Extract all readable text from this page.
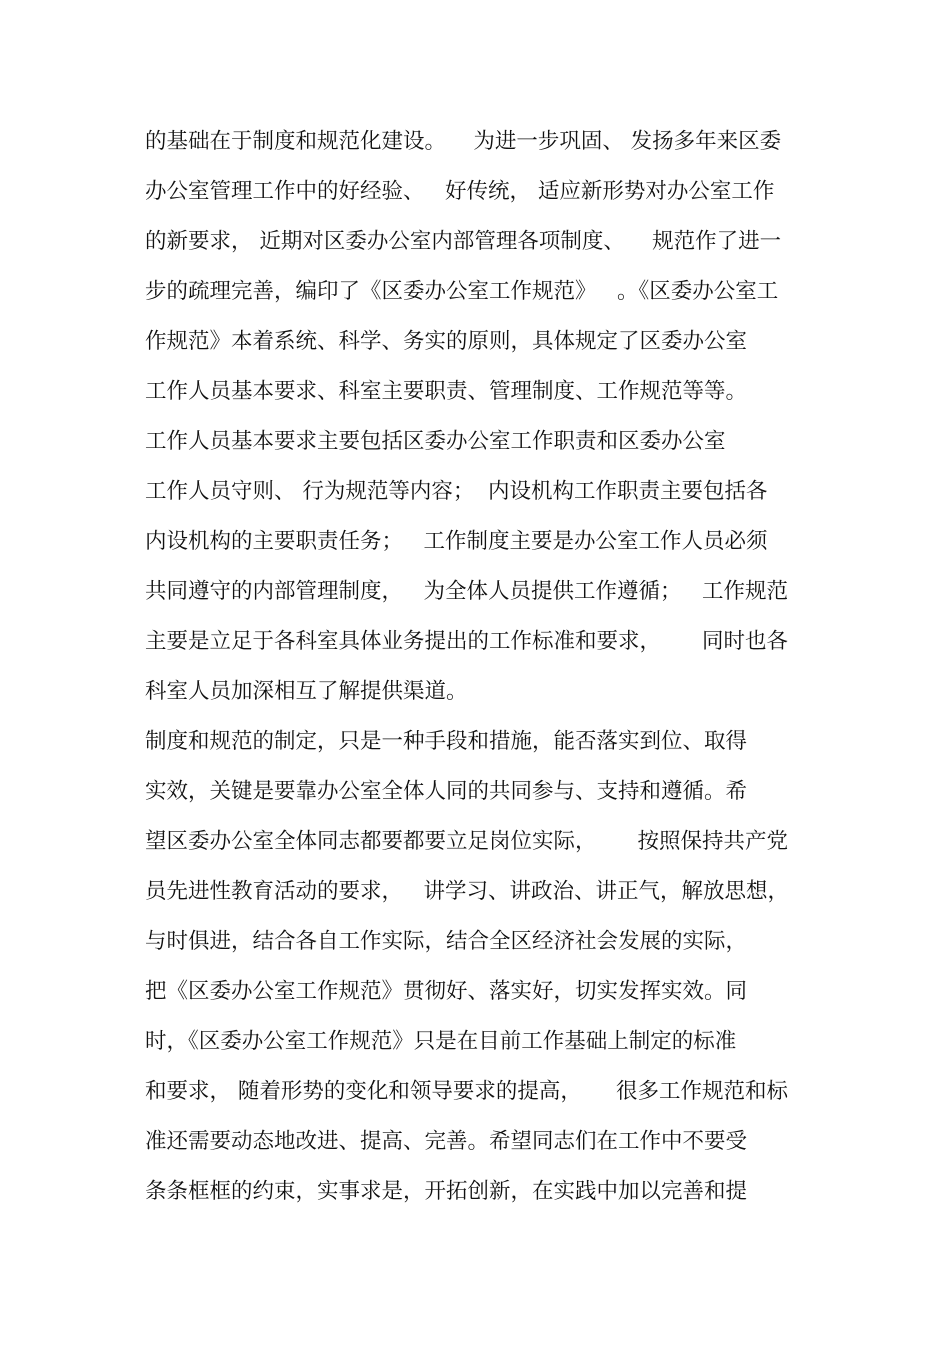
的基础在于制度和规范化建设。    为进一步巩固、 发扬多年来区委
办公室管理工作中的好经验、   好传统， 适应新形势对办公室工作
的新要求， 近期对区委办公室内部管理各项制度、    规范作了进一
步的疏理完善，编印了《区委办公室工作规范》   。《区委办公室工
作规范》本着系统、科学、务实的原则，具体规定了区委办公室
工作人员基本要求、科室主要职责、管理制度、工作规范等等。
工作人员基本要求主要包括区委办公室工作职责和区委办公室
工作人员守则、 行为规范等内容；  内设机构工作职责主要包括各
内设机构的主要职责任务；   工作制度主要是办公室工作人员必须
共同遵守的内部管理制度，   为全体人员提供工作遵循；   工作规范
主要是立足于各科室具体业务提出的工作标准和要求，      同时也各
科室人员加深相互了解提供渠道。
制度和规范的制定，只是一种手段和措施，能否落实到位、取得
实效，关键是要靠办公室全体人同的共同参与、支持和遵循。希
望区委办公室全体同志都要都要立足岗位实际，      按照保持共产党
员先进性教育活动的要求，   讲学习、讲政治、讲正气，解放思想，
与时俱进，结合各自工作实际，结合全区经济社会发展的实际，
把《区委办公室工作规范》贯彻好、落实好，切实发挥实效。同
时，《区委办公室工作规范》只是在目前工作基础上制定的标准
和要求， 随着形势的变化和领导要求的提高，     很多工作规范和标
准还需要动态地改进、提高、完善。希望同志们在工作中不要受
条条框框的约束，实事求是，开拓创新，在实践中加以完善和提
